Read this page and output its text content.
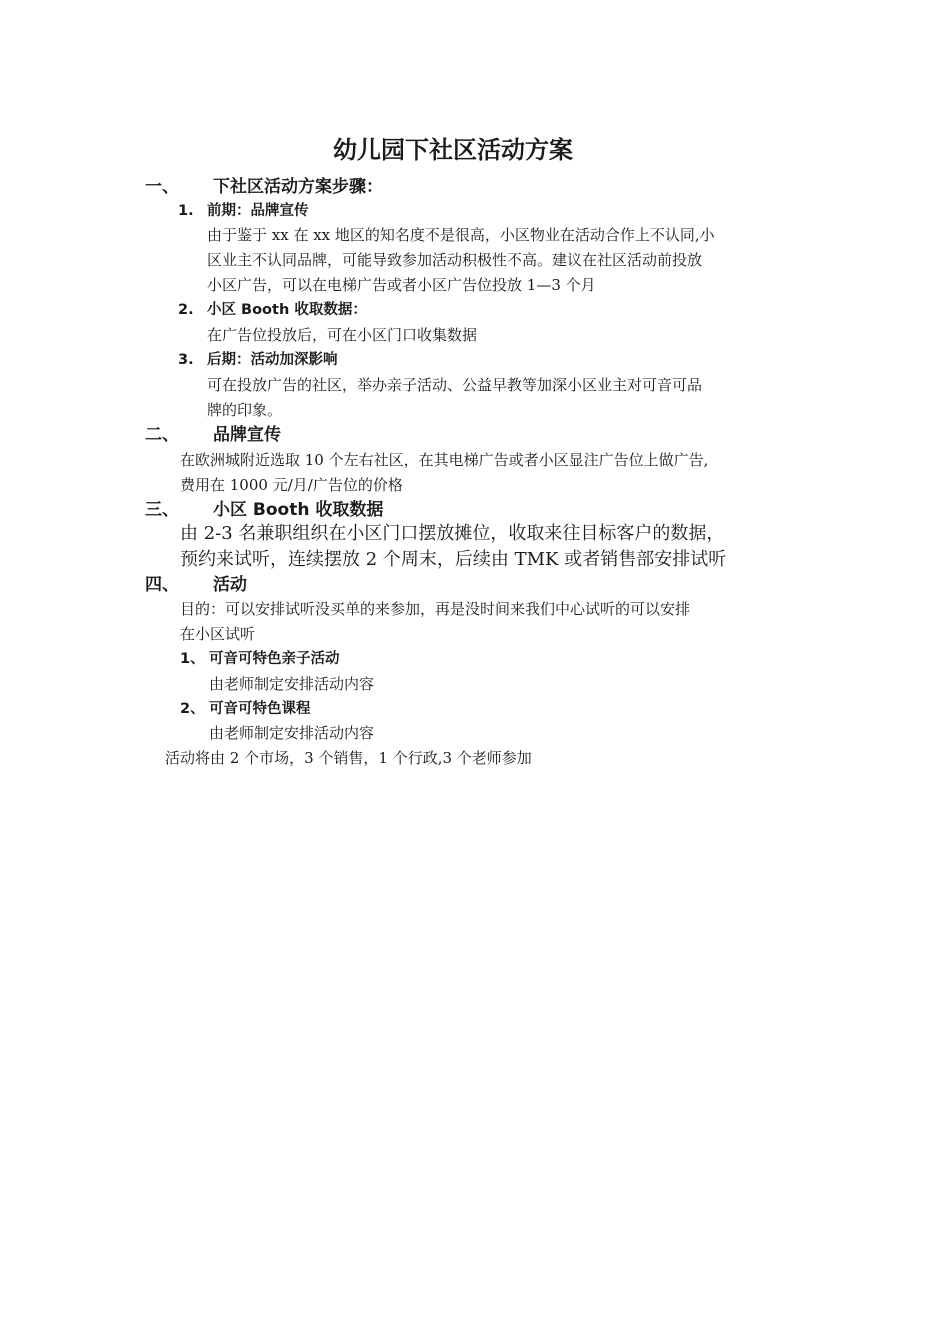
幼儿园下社区活动方案
一、 下社区活动方案步骤：
1. 前期：品牌宣传
由于鉴于 xx 在 xx 地区的知名度不是很高，小区物业在活动合作上不认同,小
区业主不认同品牌，可能导致参加活动积极性不高。建议在社区活动前投放
小区广告，可以在电梯广告或者小区广告位投放 1—3 个月
2. 小区 Booth 收取数据：
在广告位投放后，可在小区门口收集数据
3. 后期：活动加深影响
可在投放广告的社区，举办亲子活动、公益早教等加深小区业主对可音可品
牌的印象。
二、 品牌宣传
在欧洲城附近选取 10 个左右社区，在其电梯广告或者小区显注广告位上做广告,
费用在 1000 元/月/广告位的价格
三、 小区 Booth 收取数据
由 2-3 名兼职组织在小区门口摆放摊位，收取来往目标客户的数据，
预约来试听，连续摆放 2 个周末，后续由 TMK 或者销售部安排试听
四、 活动
目的：可以安排试听没买单的来参加，再是没时间来我们中心试听的可以安排
在小区试听
1、 可音可特色亲子活动
由老师制定安排活动内容
2、 可音可特色课程
由老师制定安排活动内容
活动将由 2 个市场，3 个销售，1 个行政,3 个老师参加
